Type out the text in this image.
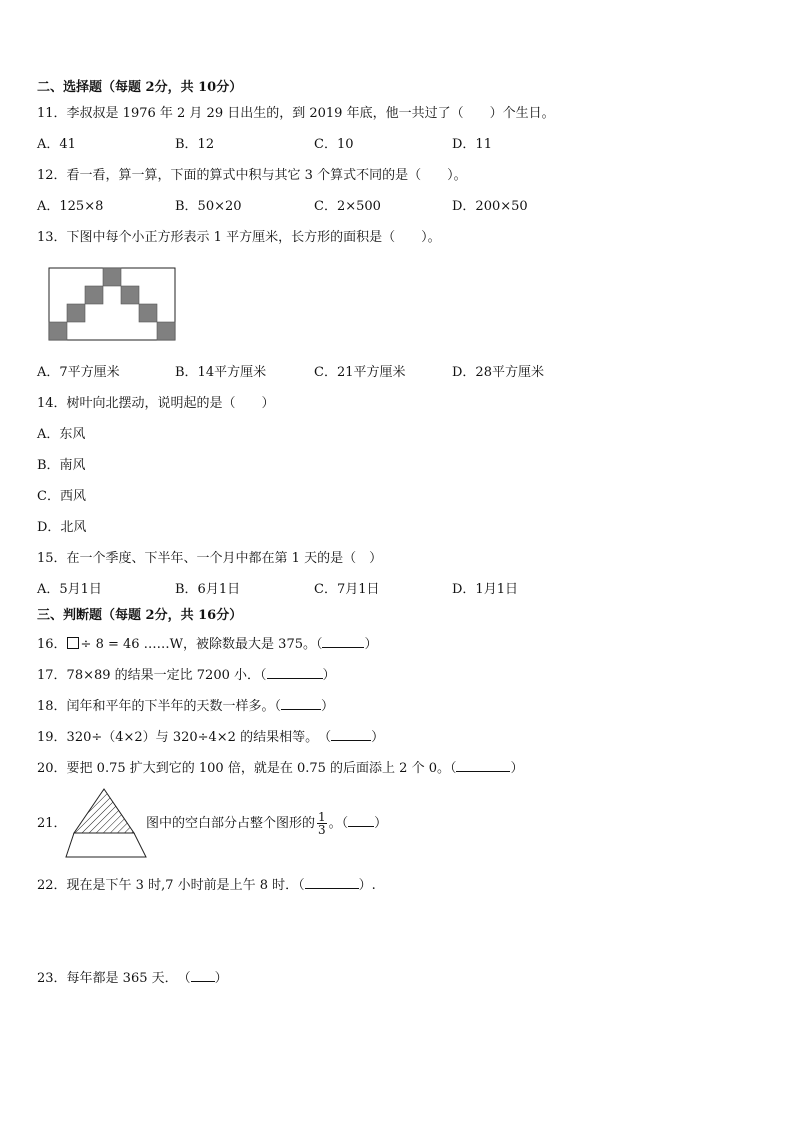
二、选择题（每题 2分，共 10分）
11．李叔叔是 1976 年 2 月 29 日出生的，到 2019 年底，他一共过了（　　）个生日。
A．41	B．12	C．10	D．11
12．看一看，算一算，下面的算式中积与其它 3 个算式不同的是（　　）。
A．125×8	B．50×20	C．2×500	D．200×50
13．下图中每个小正方形表示 1 平方厘米，长方形的面积是（　　）。
A．7平方厘米	B．14平方厘米	C．21平方厘米	D．28平方厘米
14．树叶向北摆动，说明起的是（　　）
A．东风
B．南风
C．西风
D．北风
15．在一个季度、下半年、一个月中都在第 1 天的是（　）
A．5月1日	B．6月1日	C．7月1日	D．1月1日
三、判断题（每题 2分，共 16分）
16． ÷ 8 = 46 ……W，被除数最大是 375。（	）
17．78×89 的结果一定比 7200 小．（	）
18．闰年和平年的下半年的天数一样多。（	）
19．320÷（4×2）与 320÷4×2 的结果相等。　（	）
20．要把 0.75 扩大到它的 100 倍，就是在 0.75 的后面添上 2 个 0。（	）
21．	图中的空白部分占整个图形的 $\frac{1}{3}$ 。（ ）
22．现在是下午 3 时,7 小时前是上午 8 时．（	）.
23．每年都是 365 天．　（ ）
